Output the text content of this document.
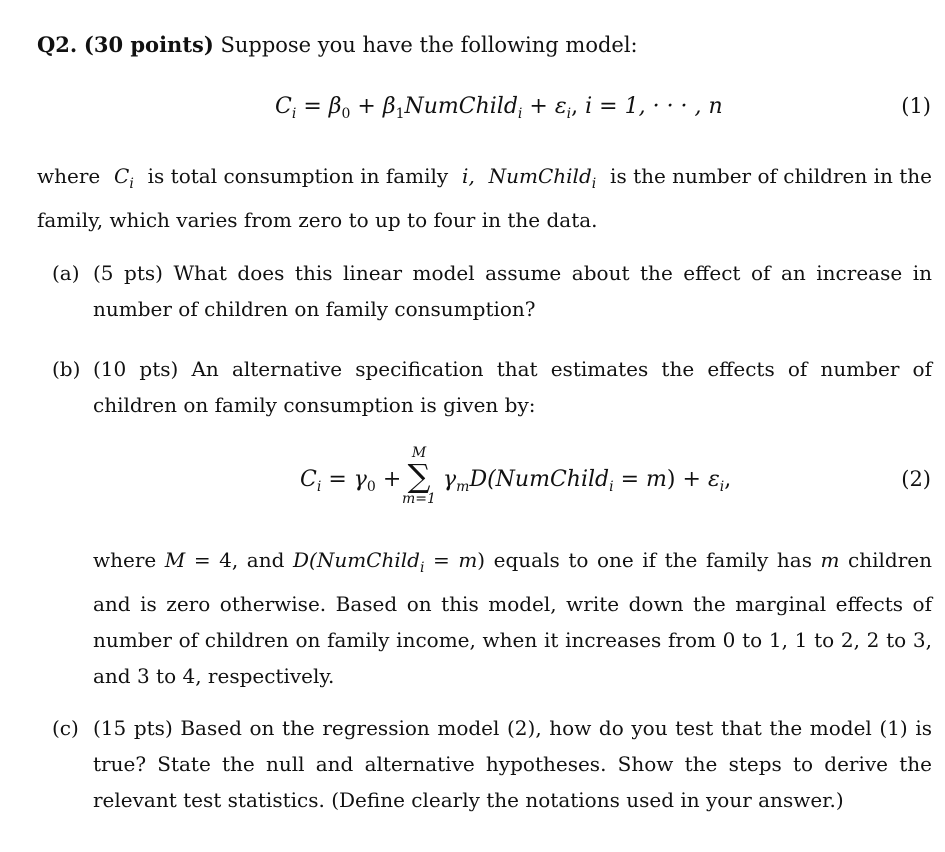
Q2. (30 points) Suppose you have the following model:
$C_i = \beta_0$ + $\beta_1NumChild_i + \varepsilon_i$, i = 1, · · · , n	(1)
where $C_i$ is total consumption in family i, NumChild$_i$ is the number of children in the
family, which varies from zero to up to four in the data.
(a) (5 pts) What does this linear model assume about the effect of an increase in number of children on family consumption?
(b) (10 pts) An alternative specification that estimates the effects of number of children on family consumption is given by:
$C_i = \gamma_0$ +
M
∑
m=1
$\gamma_mD(NumChild_i = m) + \varepsilon_i$,	(2)
where M = 4, and D(NumChild$_i$ = m) equals to one if the family has m children and is zero otherwise. Based on this model, write down the marginal effects of number of children on family income, when it increases from 0 to 1, 1 to 2, 2 to 3, and 3 to 4, respectively.
(c) (15 pts) Based on the regression model (2), how do you test that the model (1) is true? State the null and alternative hypotheses. Show the steps to derive the relevant test statistics. (Define clearly the notations used in your answer.)
